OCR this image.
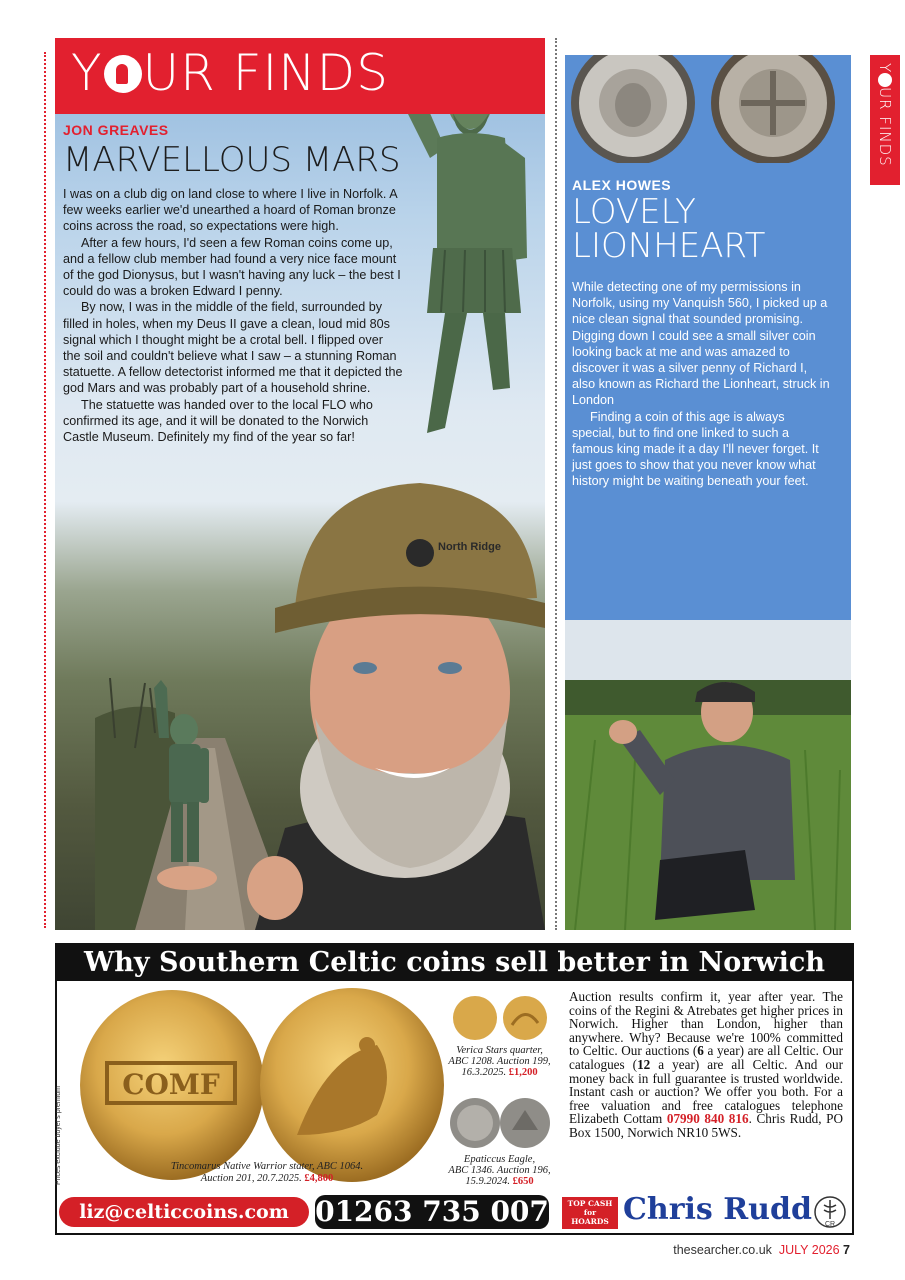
North Ridge
Y UR FINDS
JON GREAVES
MARVELLOUS MARS

I was on a club dig on land close to where I live in Norfolk. A few weeks earlier we'd unearthed a hoard of Roman bronze coins across the road, so expectations were high.

After a few hours, I'd seen a few Roman coins come up, and a fellow club member had found a very nice face mount of the god Dionysus, but I wasn't having any luck – the best I could do was a broken Edward I penny.

By now, I was in the middle of the field, surrounded by filled in holes, when my Deus II gave a clean, loud mid 80s signal which I thought might be a crotal bell. I flipped over the soil and couldn't believe what I saw – a stunning Roman statuette. A fellow detectorist informed me that it depicted the god Mars and was probably part of a household shrine.

The statuette was handed over to the local FLO who confirmed its age, and it will be donated to the Norwich Castle Museum. Definitely my find of the year so far!

ALEX HOWES
LOVELY
LIONHEART

While detecting one of my permissions in Norfolk, using my Vanquish 560, I picked up a nice clean signal that sounded promising. Digging down I could see a small silver coin looking back at me and was amazed to discover it was a silver penny of Richard I, also known as Richard the Lionheart, struck in London

Finding a coin of this age is always special, but to find one linked to such a famous king made it a day I'll never forget. It just goes to show that you never know what history might be waiting beneath your feet.

YUR FINDS
Why Southern Celtic coins sell better in Norwich
Prices exclude buyer's premium
COMF
Tincomarus Native Warrior stater, ABC 1064.
Auction 201, 20.7.2025. £4,800
Verica Stars quarter,
ABC 1208. Auction 199,
16.3.2025. £1,200
Epaticcus Eagle,
ABC 1346. Auction 196,
15.9.2024. £650
Auction results confirm it, year after year. The coins of the Regini & Atrebates get higher prices in Norwich. Higher than London, higher than anywhere. Why? Because we're 100% committed to Celtic. Our auctions (6 a year) are all Celtic. Our catalogues (12 a year) are all Celtic. And our money back in full guarantee is trusted worldwide. Instant cash or auction? We offer you both. For a free valuation and free catalogues telephone Elizabeth Cottam 07990 840 816. Chris Rudd, PO Box 1500, Norwich NR10 5WS.
liz@celticcoins.com 01263 735 007	TOP CASH
for
HOARDS Chris Rudd CR
thesearcher.co.uk JULY 2026 7
